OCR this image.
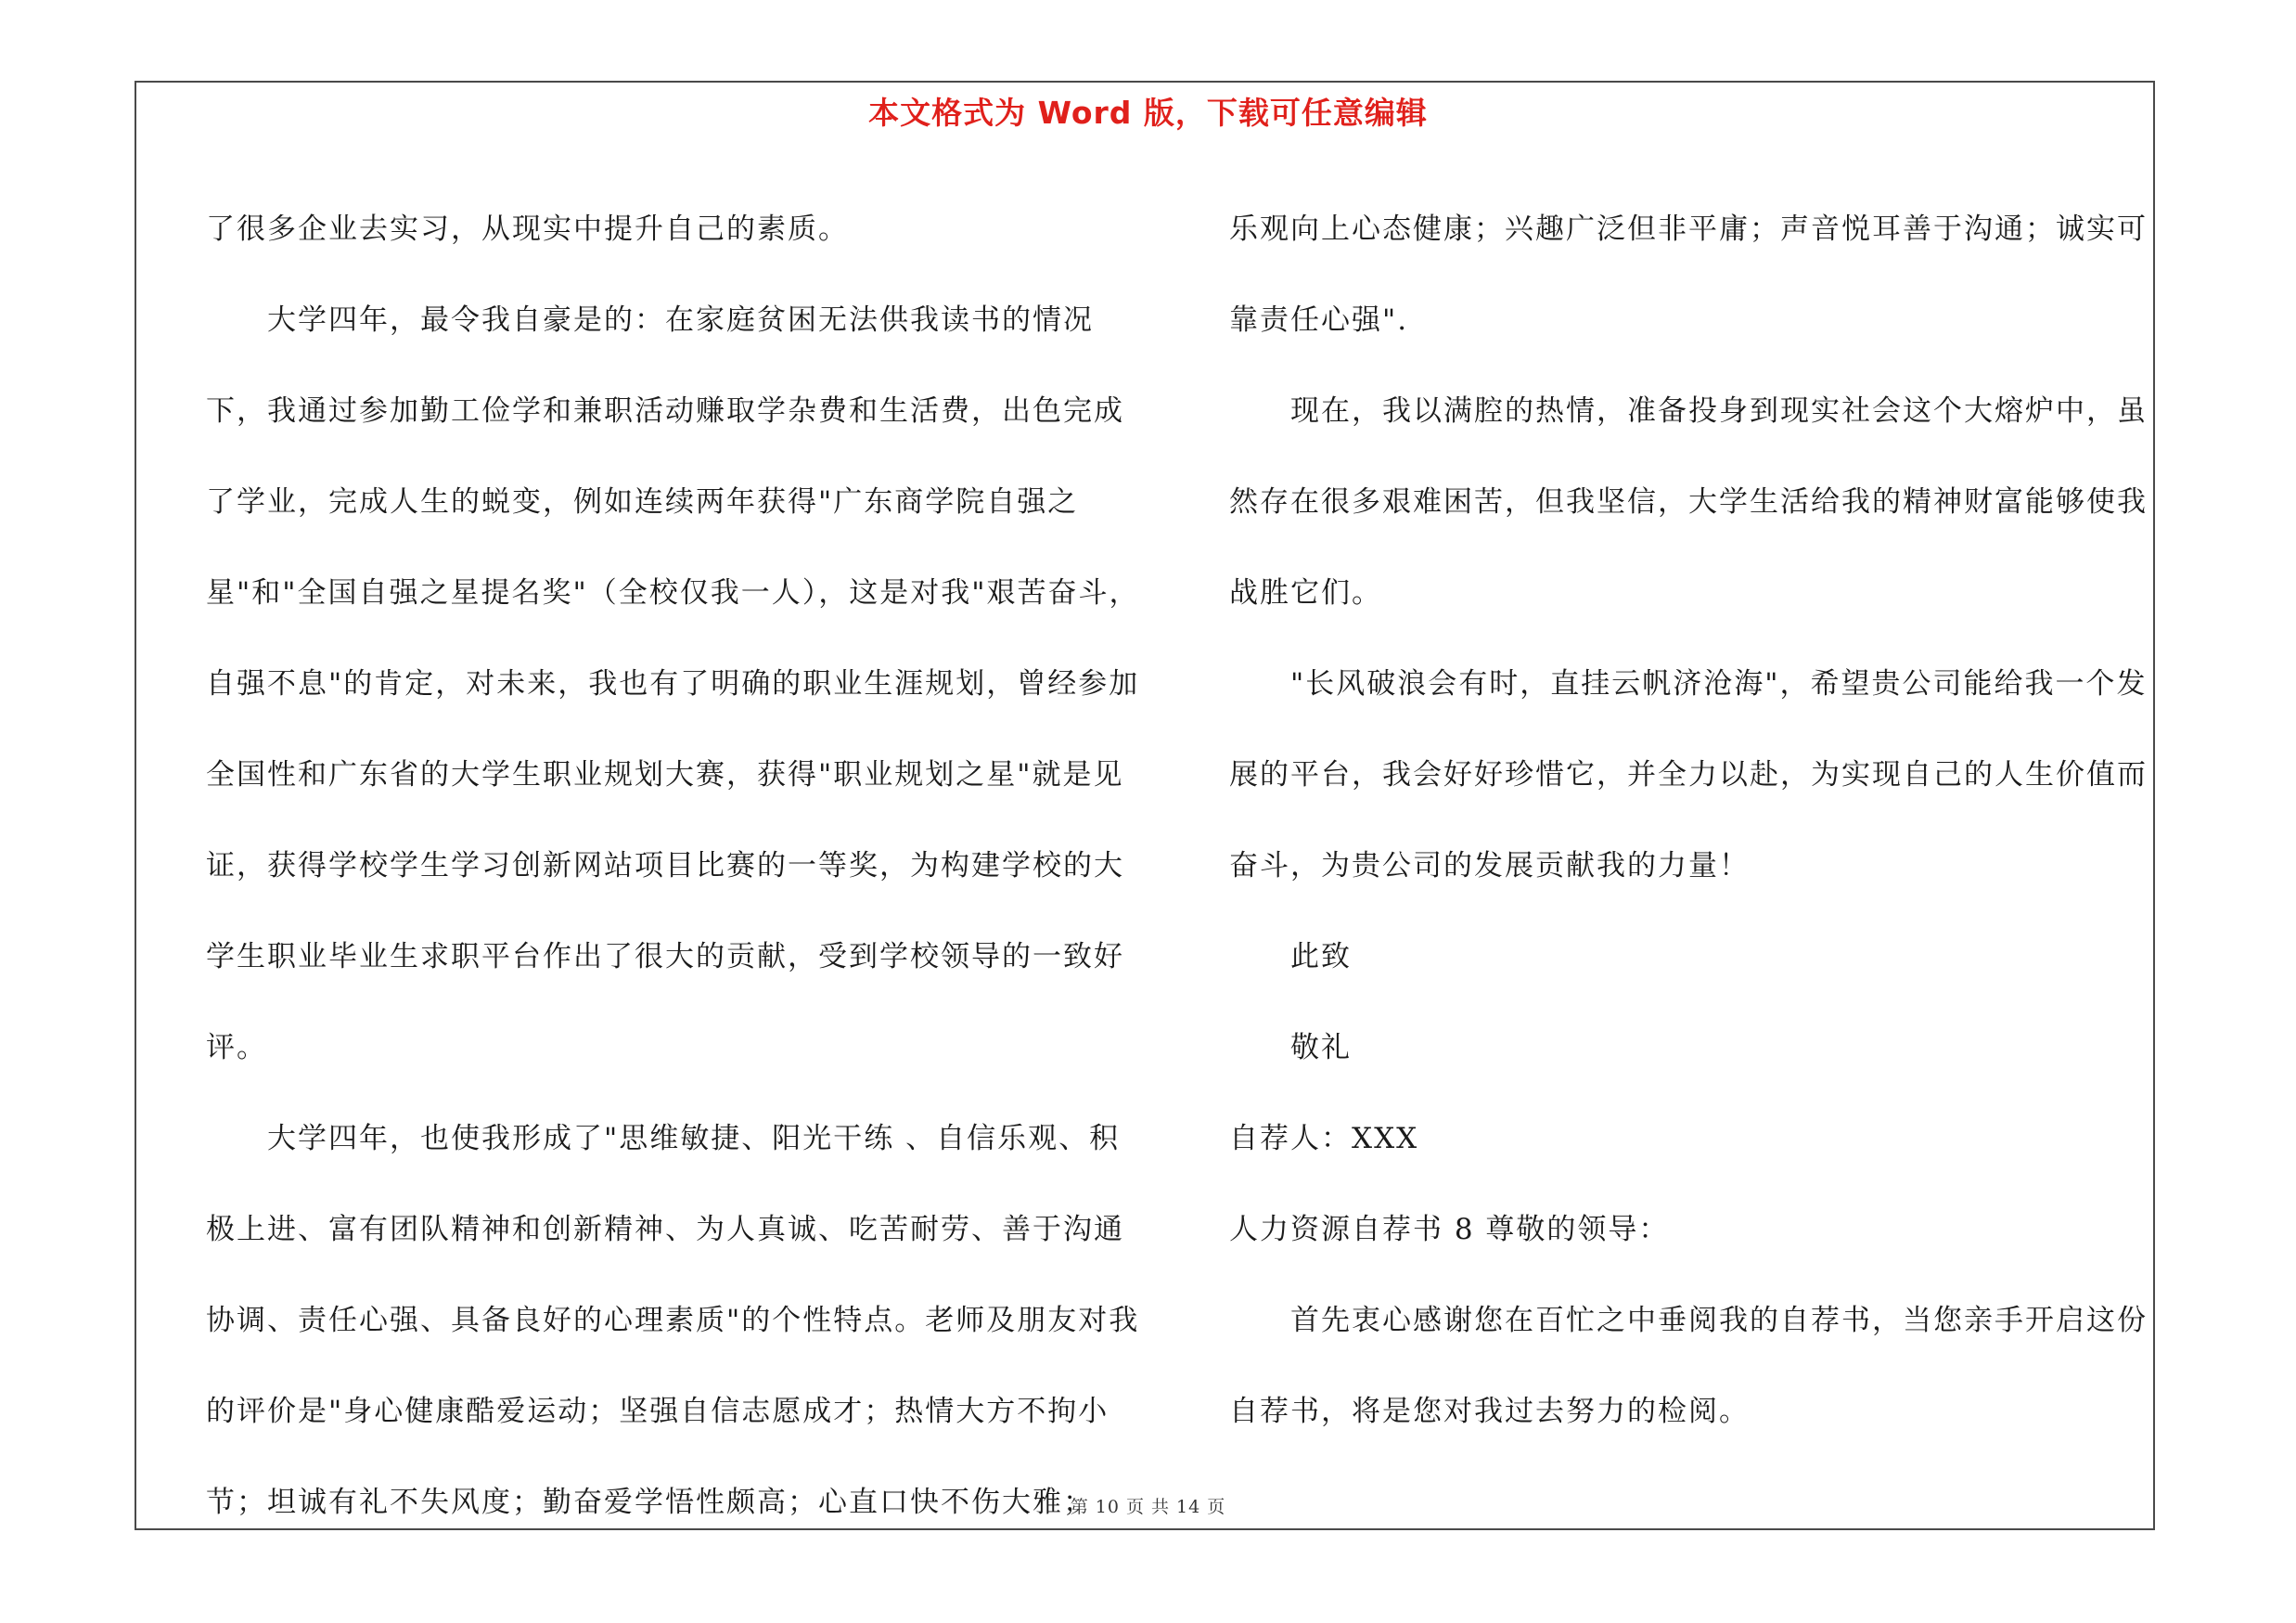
本文格式为 Word 版，下载可任意编辑

了很多企业去实习，从现实中提升自己的素质。

大学四年，最令我自豪是的：在家庭贫困无法供我读书的情况下，我通过参加勤工俭学和兼职活动赚取学杂费和生活费，出色完成了学业，完成人生的蜕变，例如连续两年获得"广东商学院自强之星"和"全国自强之星提名奖"（全校仅我一人），这是对我"艰苦奋斗，自强不息"的肯定，对未来，我也有了明确的职业生涯规划，曾经参加全国性和广东省的大学生职业规划大赛，获得"职业规划之星"就是见证，获得学校学生学习创新网站项目比赛的一等奖，为构建学校的大学生职业毕业生求职平台作出了很大的贡献，受到学校领导的一致好评。

大学四年，也使我形成了"思维敏捷、阳光干练 、自信乐观、积极上进、富有团队精神和创新精神、为人真诚、吃苦耐劳、善于沟通协调、责任心强、具备良好的心理素质"的个性特点。老师及朋友对我的评价是"身心健康酷爱运动；坚强自信志愿成才；热情大方不拘小节；坦诚有礼不失风度；勤奋爱学悟性颇高；心直口快不伤大雅；

乐观向上心态健康；兴趣广泛但非平庸；声音悦耳善于沟通；诚实可靠责任心强".

现在，我以满腔的热情，准备投身到现实社会这个大熔炉中，虽然存在很多艰难困苦，但我坚信，大学生活给我的精神财富能够使我战胜它们。

"长风破浪会有时，直挂云帆济沧海"，希望贵公司能给我一个发展的平台，我会好好珍惜它，并全力以赴，为实现自己的人生价值而奋斗，为贵公司的发展贡献我的力量！

此致

敬礼

自荐人：XXX

人力资源自荐书 8 尊敬的领导：

首先衷心感谢您在百忙之中垂阅我的自荐书，当您亲手开启这份自荐书，将是您对我过去努力的检阅。

第 10 页 共 14 页
